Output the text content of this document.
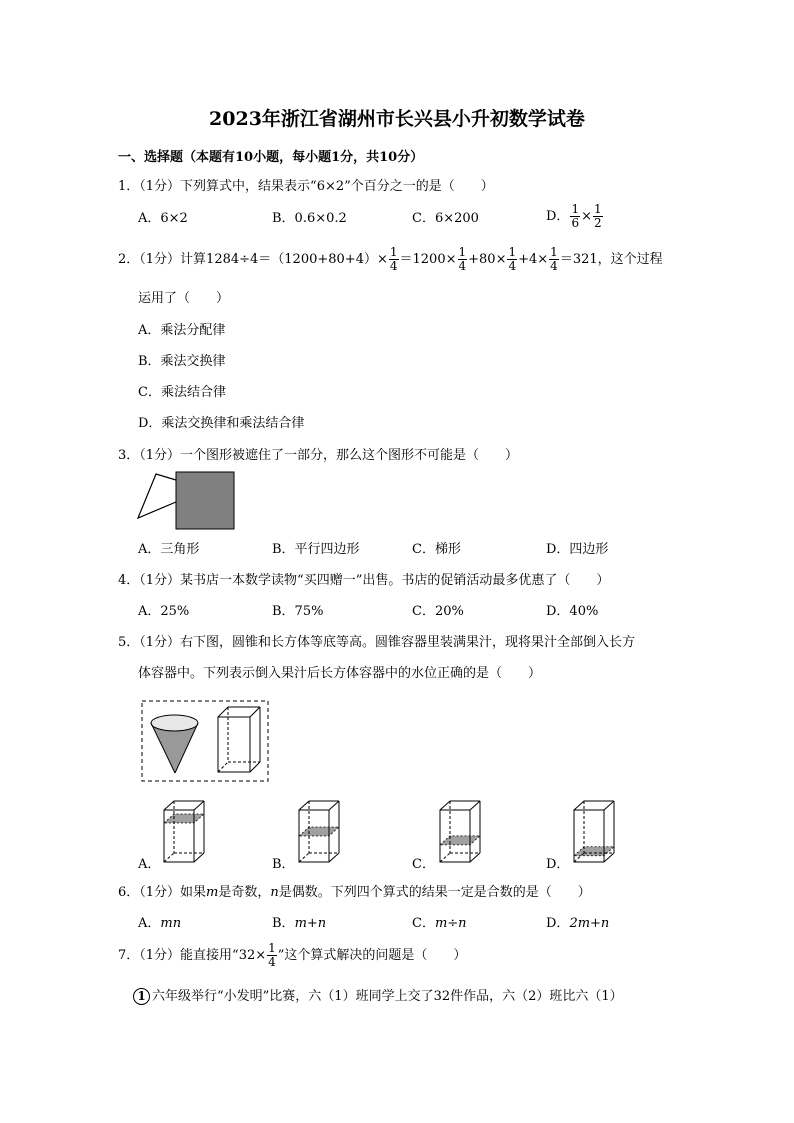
2023年浙江省湖州市长兴县小升初数学试卷
一、选择题（本题有10小题，每小题1分，共10分）
1．（1分）下列算式中，结果表示“6×2”个百分之一的是（　　）
A．6×2	B．0.6×0.2	C．6×200	D． $\frac{1}{6} \times \frac{1}{2}$
2．（1分）计算$1284\div 4=(1200+80+4)\times \frac{1}{4} =1200\times \frac{1}{4} +80\times \frac{1}{4} +4\times \frac{1}{4} =321$，这个过程
运用了（　　）
A．乘法分配律
B．乘法交换律
C．乘法结合律
D．乘法交换律和乘法结合律
3．（1分）一个图形被遮住了一部分，那么这个图形不可能是（　　）
A．三角形	B．平行四边形	C．梯形	D．四边形
4．（1分）某书店一本数学读物“买四赠一”出售。书店的促销活动最多优惠了（　　）
A．25%	B．75%	C．20%	D．40%
5．（1分）右下图，圆锥和长方体等底等高。圆锥容器里装满果汁，现将果汁全部倒入长方
体容器中。下列表示倒入果汁后长方体容器中的水位正确的是（　　）
A．	B．	C．	D．
6．（1分）如果m是奇数，n是偶数。下列四个算式的结果一定是合数的是（　　）
A．mn	B．m+n	C．m÷n	D．2m+n
7．（1分）能直接用“$32\times \frac{1}{4}$ ”这个算式解决的问题是（　　）
1 六年级举行“小发明”比赛，六（1）班同学上交了32件作品，六（2）班比六（1）
